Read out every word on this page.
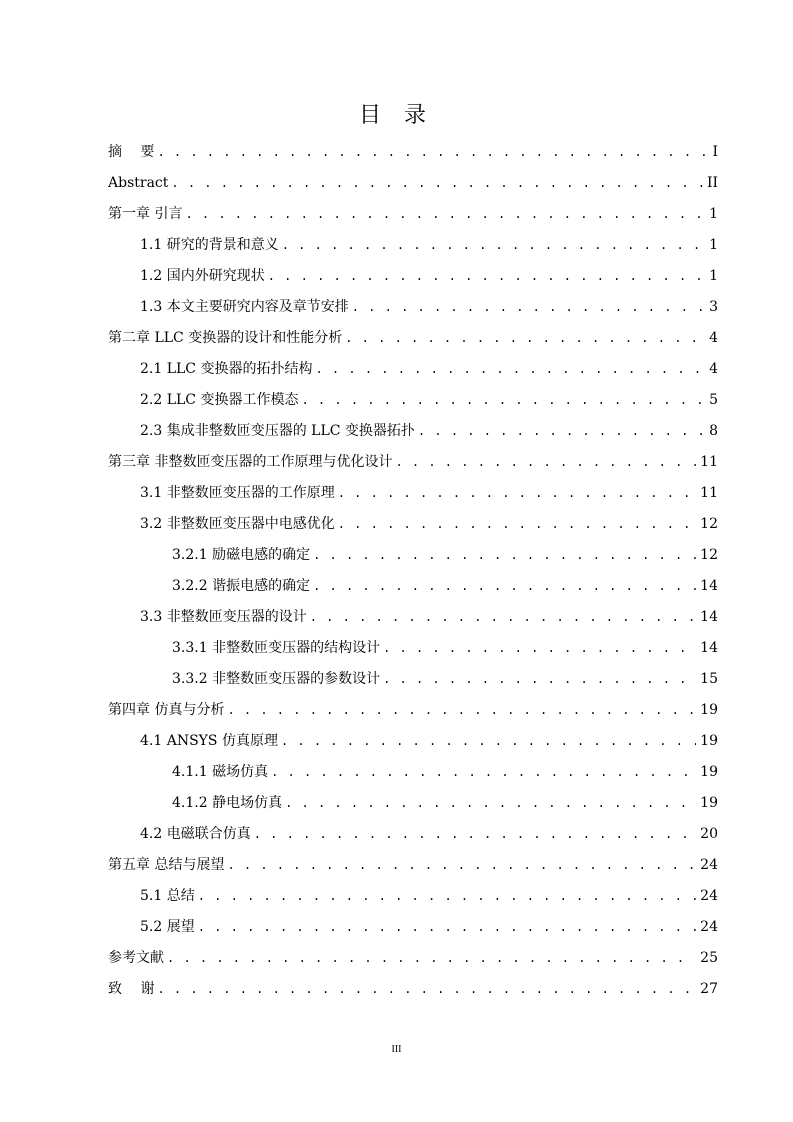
目 录
摘　 要 . . .	I
Abstract . . .	II
第一章 引言 . . .	1
1.1 研究的背景和意义 . . .	1
1.2 国内外研究现状 . . .	1
1.3 本文主要研究内容及章节安排 . . .	3
第二章 LLC 变换器的设计和性能分析 . . .	4
2.1 LLC 变换器的拓扑结构 . . .	4
2.2 LLC 变换器工作模态 . . .	5
2.3 集成非整数匝变压器的 LLC 变换器拓扑 . . .	8
第三章 非整数匝变压器的工作原理与优化设计 . . .	11
3.1 非整数匝变压器的工作原理 . . .	11
3.2 非整数匝变压器中电感优化 . . .	12
3.2.1 励磁电感的确定 . . .	12
3.2.2 谐振电感的确定 . . .	14
3.3 非整数匝变压器的设计 . . .	14
3.3.1 非整数匝变压器的结构设计 . . .	14
3.3.2 非整数匝变压器的参数设计 . . .	15
第四章 仿真与分析 . . .	19
4.1 ANSYS 仿真原理 . . .	19
4.1.1 磁场仿真 . . .	19
4.1.2 静电场仿真 . . .	19
4.2 电磁联合仿真 . . .	20
第五章 总结与展望 . . .	24
5.1 总结 . . .	24
5.2 展望 . . .	24
参考文献 . . .	25
致　 谢 . . .	27
III
